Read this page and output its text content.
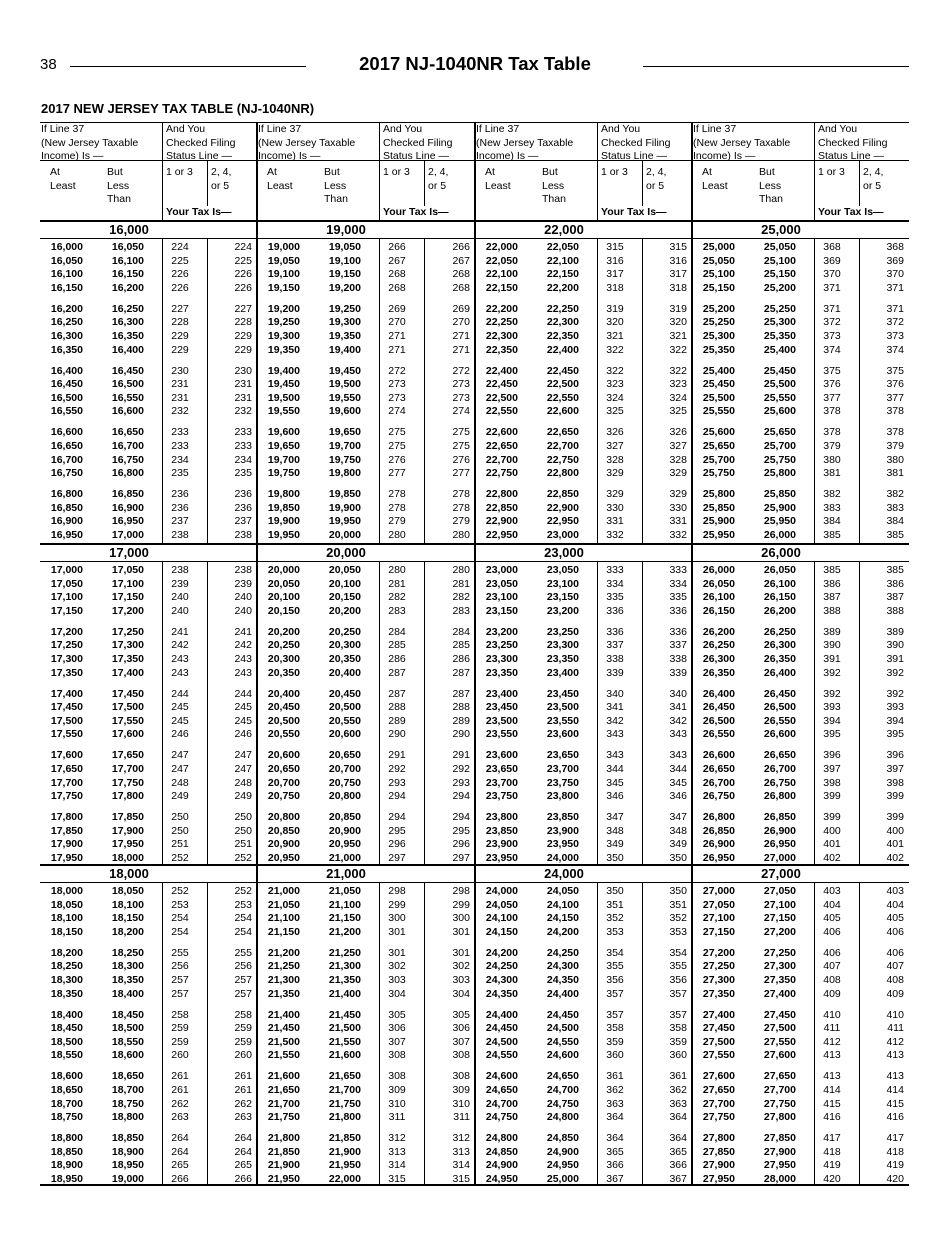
38	2017 NJ-1040NR Tax Table
2017 NEW JERSEY TAX TABLE (NJ-1040NR)
If Line 37
(New Jersey Taxable
Income) Is —
And You
Checked Filing
Status Line —
At
Least
But
Less
Than
1 or 3 2, 4,
or 5
Your Tax Is—
16,000
16,000	16,050	224	224
16,050	16,100	225	225
16,100	16,150	226	226
16,150	16,200	226	226
16,200	16,250	227	227
16,250	16,300	228	228
16,300	16,350	229	229
16,350	16,400	229	229
16,400	16,450	230	230
16,450	16,500	231	231
16,500	16,550	231	231
16,550	16,600	232	232
16,600	16,650	233	233
16,650	16,700	233	233
16,700	16,750	234	234
16,750	16,800	235	235
16,800	16,850	236	236
16,850	16,900	236	236
16,900	16,950	237	237
16,950	17,000	238	238
17,000
17,000	17,050	238	238
17,050	17,100	239	239
17,100	17,150	240	240
17,150	17,200	240	240
17,200	17,250	241	241
17,250	17,300	242	242
17,300	17,350	243	243
17,350	17,400	243	243
17,400	17,450	244	244
17,450	17,500	245	245
17,500	17,550	245	245
17,550	17,600	246	246
17,600	17,650	247	247
17,650	17,700	247	247
17,700	17,750	248	248
17,750	17,800	249	249
17,800	17,850	250	250
17,850	17,900	250	250
17,900	17,950	251	251
17,950	18,000	252	252
18,000
18,000	18,050	252	252
18,050	18,100	253	253
18,100	18,150	254	254
18,150	18,200	254	254
18,200	18,250	255	255
18,250	18,300	256	256
18,300	18,350	257	257
18,350	18,400	257	257
18,400	18,450	258	258
18,450	18,500	259	259
18,500	18,550	259	259
18,550	18,600	260	260
18,600	18,650	261	261
18,650	18,700	261	261
18,700	18,750	262	262
18,750	18,800	263	263
18,800	18,850	264	264
18,850	18,900	264	264
18,900	18,950	265	265
18,950	19,000	266	266
If Line 37
(New Jersey Taxable
Income) Is —
And You
Checked Filing
Status Line —
At
Least
But
Less
Than
1 or 3 2, 4,
or 5
Your Tax Is—
19,000
19,000	19,050	266	266
19,050	19,100	267	267
19,100	19,150	268	268
19,150	19,200	268	268
19,200	19,250	269	269
19,250	19,300	270	270
19,300	19,350	271	271
19,350	19,400	271	271
19,400	19,450	272	272
19,450	19,500	273	273
19,500	19,550	273	273
19,550	19,600	274	274
19,600	19,650	275	275
19,650	19,700	275	275
19,700	19,750	276	276
19,750	19,800	277	277
19,800	19,850	278	278
19,850	19,900	278	278
19,900	19,950	279	279
19,950	20,000	280	280
20,000
20,000	20,050	280	280
20,050	20,100	281	281
20,100	20,150	282	282
20,150	20,200	283	283
20,200	20,250	284	284
20,250	20,300	285	285
20,300	20,350	286	286
20,350	20,400	287	287
20,400	20,450	287	287
20,450	20,500	288	288
20,500	20,550	289	289
20,550	20,600	290	290
20,600	20,650	291	291
20,650	20,700	292	292
20,700	20,750	293	293
20,750	20,800	294	294
20,800	20,850	294	294
20,850	20,900	295	295
20,900	20,950	296	296
20,950	21,000	297	297
21,000
21,000	21,050	298	298
21,050	21,100	299	299
21,100	21,150	300	300
21,150	21,200	301	301
21,200	21,250	301	301
21,250	21,300	302	302
21,300	21,350	303	303
21,350	21,400	304	304
21,400	21,450	305	305
21,450	21,500	306	306
21,500	21,550	307	307
21,550	21,600	308	308
21,600	21,650	308	308
21,650	21,700	309	309
21,700	21,750	310	310
21,750	21,800	311	311
21,800	21,850	312	312
21,850	21,900	313	313
21,900	21,950	314	314
21,950	22,000	315	315
If Line 37
(New Jersey Taxable
Income) Is —
And You
Checked Filing
Status Line —
At
Least
But
Less
Than
1 or 3 2, 4,
or 5
Your Tax Is—
22,000
22,000	22,050	315	315
22,050	22,100	316	316
22,100	22,150	317	317
22,150	22,200	318	318
22,200	22,250	319	319
22,250	22,300	320	320
22,300	22,350	321	321
22,350	22,400	322	322
22,400	22,450	322	322
22,450	22,500	323	323
22,500	22,550	324	324
22,550	22,600	325	325
22,600	22,650	326	326
22,650	22,700	327	327
22,700	22,750	328	328
22,750	22,800	329	329
22,800	22,850	329	329
22,850	22,900	330	330
22,900	22,950	331	331
22,950	23,000	332	332
23,000
23,000	23,050	333	333
23,050	23,100	334	334
23,100	23,150	335	335
23,150	23,200	336	336
23,200	23,250	336	336
23,250	23,300	337	337
23,300	23,350	338	338
23,350	23,400	339	339
23,400	23,450	340	340
23,450	23,500	341	341
23,500	23,550	342	342
23,550	23,600	343	343
23,600	23,650	343	343
23,650	23,700	344	344
23,700	23,750	345	345
23,750	23,800	346	346
23,800	23,850	347	347
23,850	23,900	348	348
23,900	23,950	349	349
23,950	24,000	350	350
24,000
24,000	24,050	350	350
24,050	24,100	351	351
24,100	24,150	352	352
24,150	24,200	353	353
24,200	24,250	354	354
24,250	24,300	355	355
24,300	24,350	356	356
24,350	24,400	357	357
24,400	24,450	357	357
24,450	24,500	358	358
24,500	24,550	359	359
24,550	24,600	360	360
24,600	24,650	361	361
24,650	24,700	362	362
24,700	24,750	363	363
24,750	24,800	364	364
24,800	24,850	364	364
24,850	24,900	365	365
24,900	24,950	366	366
24,950	25,000	367	367
If Line 37
(New Jersey Taxable
Income) Is —
And You
Checked Filing
Status Line —
At
Least
But
Less
Than
1 or 3 2, 4,
or 5
Your Tax Is—
25,000
25,000	25,050	368	368
25,050	25,100	369	369
25,100	25,150	370	370
25,150	25,200	371	371
25,200	25,250	371	371
25,250	25,300	372	372
25,300	25,350	373	373
25,350	25,400	374	374
25,400	25,450	375	375
25,450	25,500	376	376
25,500	25,550	377	377
25,550	25,600	378	378
25,600	25,650	378	378
25,650	25,700	379	379
25,700	25,750	380	380
25,750	25,800	381	381
25,800	25,850	382	382
25,850	25,900	383	383
25,900	25,950	384	384
25,950	26,000	385	385
26,000
26,000	26,050	385	385
26,050	26,100	386	386
26,100	26,150	387	387
26,150	26,200	388	388
26,200	26,250	389	389
26,250	26,300	390	390
26,300	26,350	391	391
26,350	26,400	392	392
26,400	26,450	392	392
26,450	26,500	393	393
26,500	26,550	394	394
26,550	26,600	395	395
26,600	26,650	396	396
26,650	26,700	397	397
26,700	26,750	398	398
26,750	26,800	399	399
26,800	26,850	399	399
26,850	26,900	400	400
26,900	26,950	401	401
26,950	27,000	402	402
27,000
27,000	27,050	403	403
27,050	27,100	404	404
27,100	27,150	405	405
27,150	27,200	406	406
27,200	27,250	406	406
27,250	27,300	407	407
27,300	27,350	408	408
27,350	27,400	409	409
27,400	27,450	410	410
27,450	27,500	411	411
27,500	27,550	412	412
27,550	27,600	413	413
27,600	27,650	413	413
27,650	27,700	414	414
27,700	27,750	415	415
27,750	27,800	416	416
27,800	27,850	417	417
27,850	27,900	418	418
27,900	27,950	419	419
27,950	28,000	420	420
